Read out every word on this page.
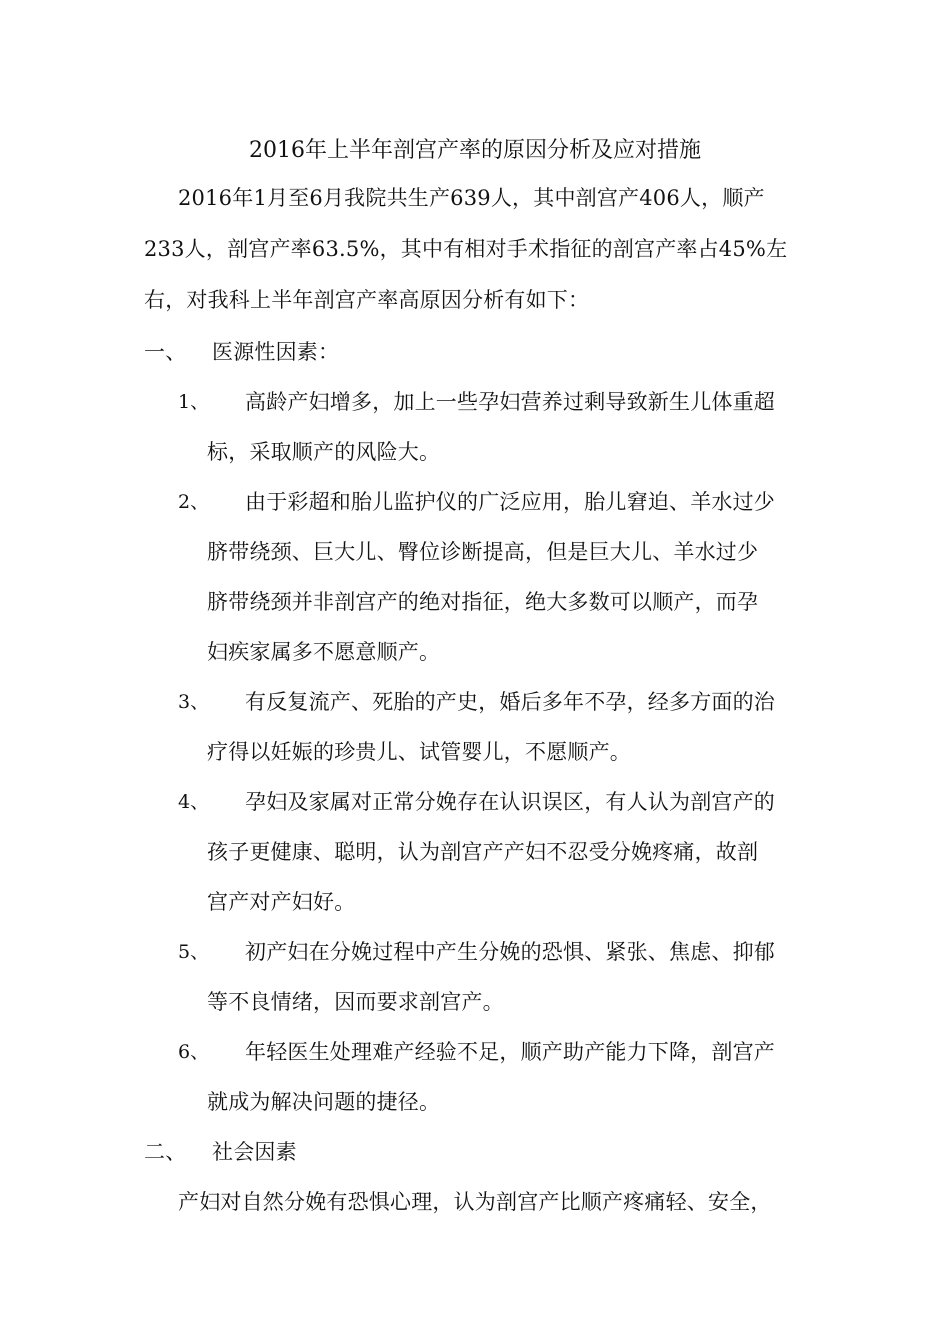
2016年上半年剖宫产率的原因分析及应对措施
2016年1月至6月我院共生产639人，其中剖宫产406人，顺产
233人，剖宫产率63.5%，其中有相对手术指征的剖宫产率占45%左
右，对我科上半年剖宫产率高原因分析有如下：
一、 医源性因素：
1、 高龄产妇增多，加上一些孕妇营养过剩导致新生儿体重超
标，采取顺产的风险大。
2、 由于彩超和胎儿监护仪的广泛应用，胎儿窘迫、羊水过少
脐带绕颈、巨大儿、臀位诊断提高，但是巨大儿、羊水过少
脐带绕颈并非剖宫产的绝对指征，绝大多数可以顺产，而孕
妇疾家属多不愿意顺产。
3、 有反复流产、死胎的产史，婚后多年不孕，经多方面的治
疗得以妊娠的珍贵儿、试管婴儿，不愿顺产。
4、 孕妇及家属对正常分娩存在认识误区，有人认为剖宫产的
孩子更健康、聪明，认为剖宫产产妇不忍受分娩疼痛，故剖
宫产对产妇好。
5、 初产妇在分娩过程中产生分娩的恐惧、紧张、焦虑、抑郁
等不良情绪，因而要求剖宫产。
6、 年轻医生处理难产经验不足，顺产助产能力下降，剖宫产
就成为解决问题的捷径。
二、 社会因素
产妇对自然分娩有恐惧心理，认为剖宫产比顺产疼痛轻、安全，
